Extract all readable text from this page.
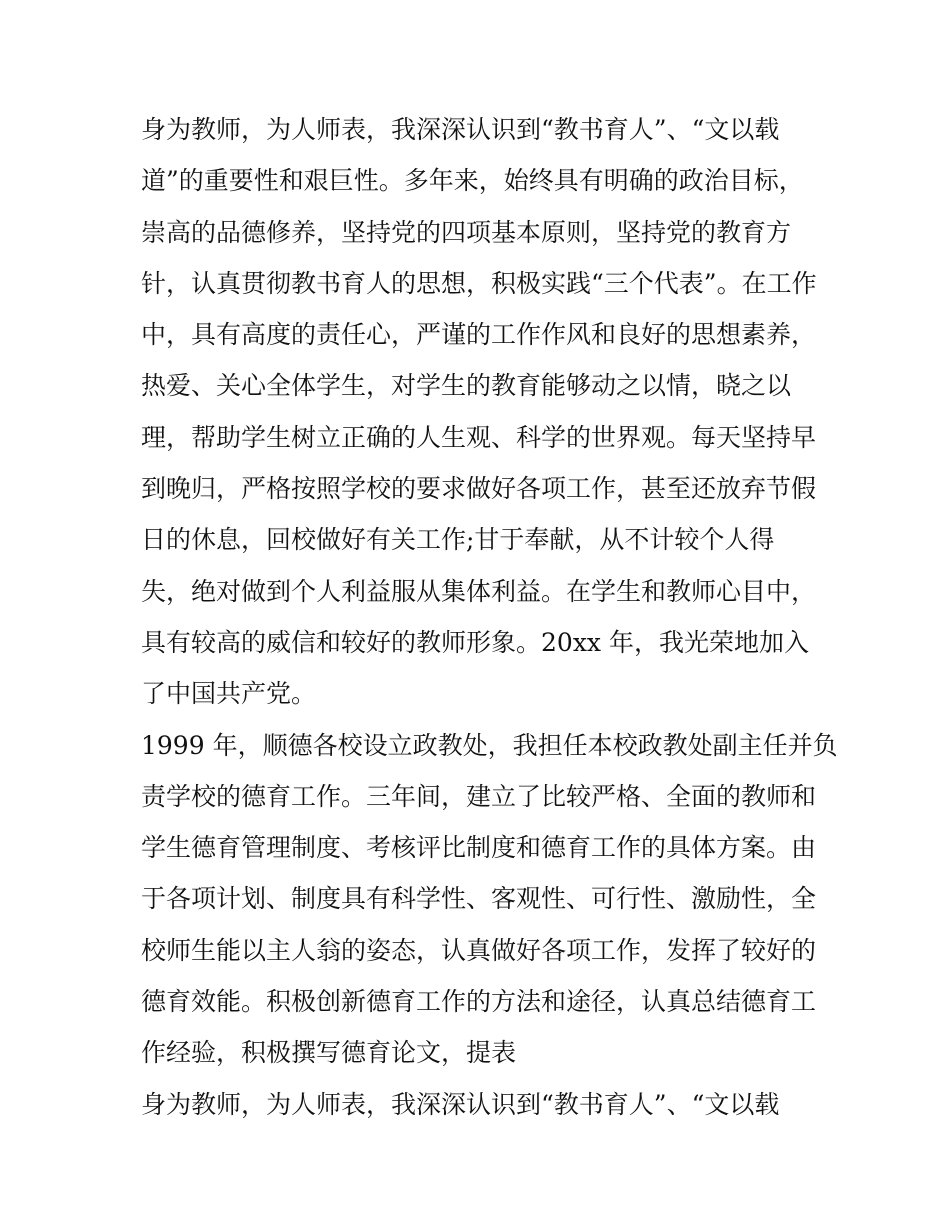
身为教师，为人师表，我深深认识到“教书育人”、“文以载
道”的重要性和艰巨性。多年来，始终具有明确的政治目标，
崇高的品德修养，坚持党的四项基本原则，坚持党的教育方
针，认真贯彻教书育人的思想，积极实践“三个代表”。在工作
中，具有高度的责任心，严谨的工作作风和良好的思想素养，
热爱、关心全体学生，对学生的教育能够动之以情，晓之以
理，帮助学生树立正确的人生观、科学的世界观。每天坚持早
到晚归，严格按照学校的要求做好各项工作，甚至还放弃节假
日的休息，回校做好有关工作;甘于奉献，从不计较个人得
失，绝对做到个人利益服从集体利益。在学生和教师心目中，
具有较高的威信和较好的教师形象。20xx 年，我光荣地加入
了中国共产党。
1999 年，顺德各校设立政教处，我担任本校政教处副主任并负
责学校的德育工作。三年间，建立了比较严格、全面的教师和
学生德育管理制度、考核评比制度和德育工作的具体方案。由
于各项计划、制度具有科学性、客观性、可行性、激励性，全
校师生能以主人翁的姿态，认真做好各项工作，发挥了较好的
德育效能。积极创新德育工作的方法和途径，认真总结德育工
作经验，积极撰写德育论文，提表
身为教师，为人师表，我深深认识到“教书育人”、“文以载
